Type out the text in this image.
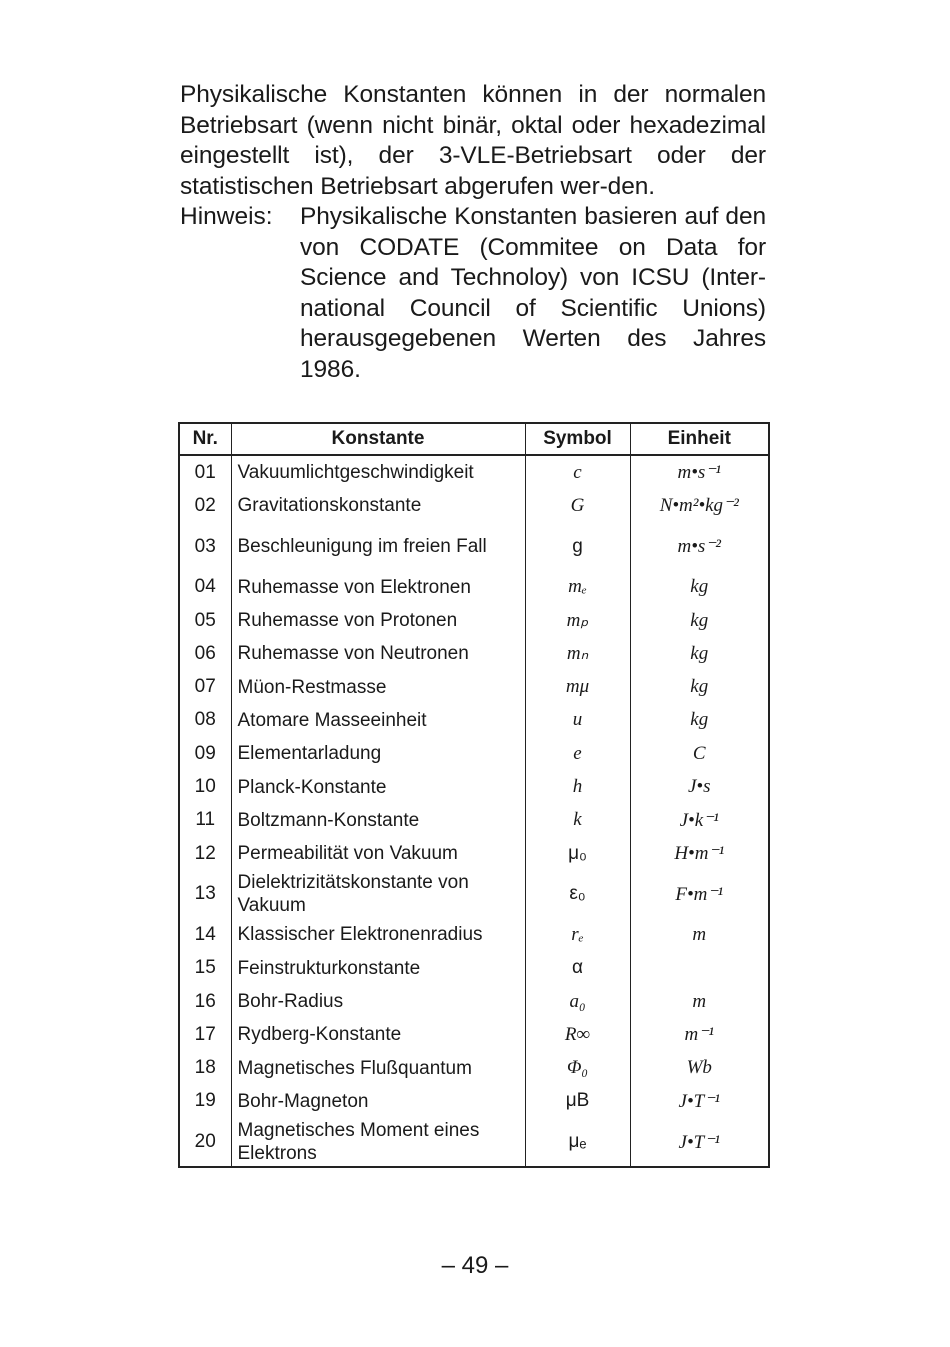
Physikalische Konstanten können in der normalen Betriebsart (wenn nicht binär, oktal oder hexadezimal eingestellt ist), der 3-VLE-Betriebsart oder der statistischen Betriebsart abgerufen wer-den.

Hinweis:	Physikalische Konstanten basieren auf den von CODATE (Commitee on Data for Science and Technoloy) von ICSU (Inter-national Council of Scientific Unions) herausgegebenen Werten des Jahres 1986.
Nr.	Konstante	Symbol	Einheit
01	Vakuumlichtgeschwindigkeit	c	m•s⁻¹
02	Gravitationskonstante	G	N•m²•kg⁻²
03	Beschleunigung im freien Fall	g	m•s⁻²
04	Ruhemasse von Elektronen	mₑ	kg
05	Ruhemasse von Protonen	mₚ	kg
06	Ruhemasse von Neutronen	mₙ	kg
07	Müon-Restmasse	mμ	kg
08	Atomare Masseeinheit	u	kg
09	Elementarladung	e	C
10	Planck-Konstante	h	J•s
11	Boltzmann-Konstante	k	J•k⁻¹
12	Permeabilität von Vakuum	μ₀	H•m⁻¹
13	Dielektrizitätskonstante von Vakuum	ε₀	F•m⁻¹
14	Klassischer Elektronenradius	rₑ	m
15	Feinstrukturkonstante	α	
16	Bohr-Radius	a₀	m
17	Rydberg-Konstante	R∞	m⁻¹
18	Magnetisches Flußquantum	Φ₀	Wb
19	Bohr-Magneton	μB	J•T⁻¹
20	Magnetisches Moment eines Elektrons	μₑ	J•T⁻¹
– 49 –
